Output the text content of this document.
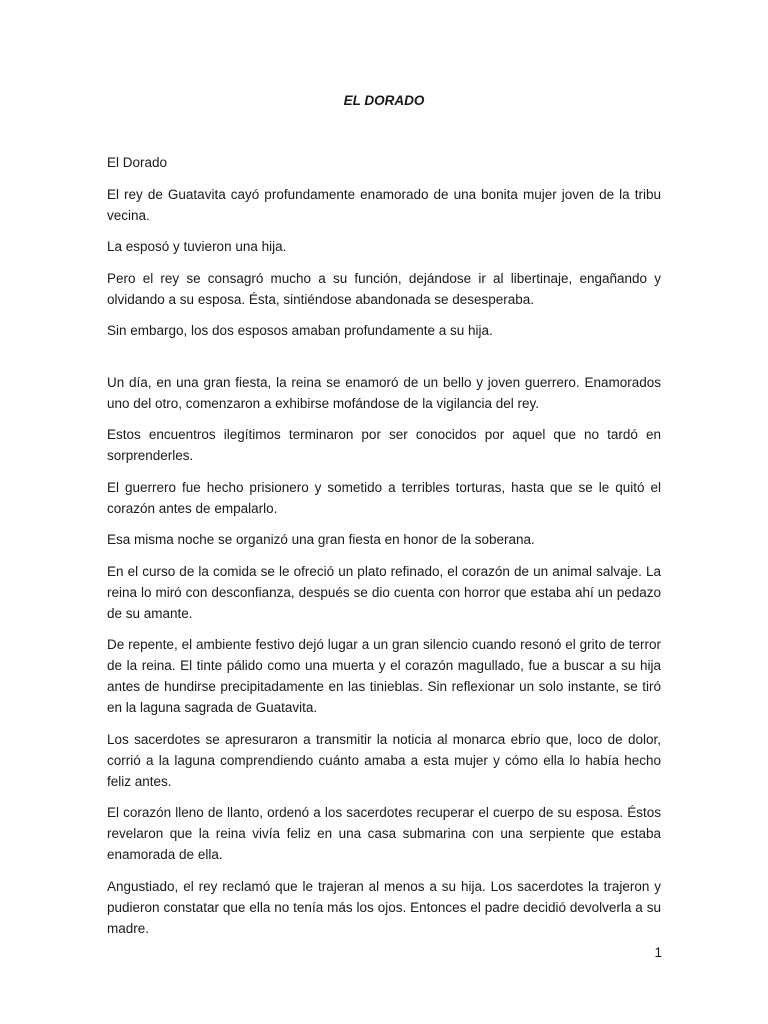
EL DORADO

El Dorado

El rey de Guatavita cayó profundamente enamorado de una bonita mujer joven de la tribu vecina.

La esposó y tuvieron una hija.

Pero el rey se consagró mucho a su función, dejándose ir al libertinaje, engañando y olvidando a su esposa. Ésta, sintiéndose abandonada se desesperaba.

Sin embargo, los dos esposos amaban profundamente a su hija.

Un día, en una gran fiesta, la reina se enamoró de un bello y joven guerrero. Enamorados uno del otro, comenzaron a exhibirse mofándose de la vigilancia del rey.

Estos encuentros ilegítimos terminaron por ser conocidos por aquel que no tardó en sorprenderles.

El guerrero fue hecho prisionero y sometido a terribles torturas, hasta que se le quitó el corazón antes de empalarlo.

Esa misma noche se organizó una gran fiesta en honor de la soberana.

En el curso de la comida se le ofreció un plato refinado, el corazón de un animal salvaje. La reina lo miró con desconfianza, después se dio cuenta con horror que estaba ahí un pedazo de su amante.

De repente, el ambiente festivo dejó lugar a un gran silencio cuando resonó el grito de terror de la reina. El tinte pálido como una muerta y el corazón magullado, fue a buscar a su hija antes de hundirse precipitadamente en las tinieblas. Sin reflexionar un solo instante, se tiró en la laguna sagrada de Guatavita.

Los sacerdotes se apresuraron a transmitir la noticia al monarca ebrio que, loco de dolor, corrió a la laguna comprendiendo cuánto amaba a esta mujer y cómo ella lo había hecho feliz antes.

El corazón lleno de llanto, ordenó a los sacerdotes recuperar el cuerpo de su esposa. Éstos revelaron que la reina vivía feliz en una casa submarina con una serpiente que estaba enamorada de ella.

Angustiado, el rey reclamó que le trajeran al menos a su hija. Los sacerdotes la trajeron y pudieron constatar que ella no tenía más los ojos. Entonces el padre decidió devolverla a su madre.

1
